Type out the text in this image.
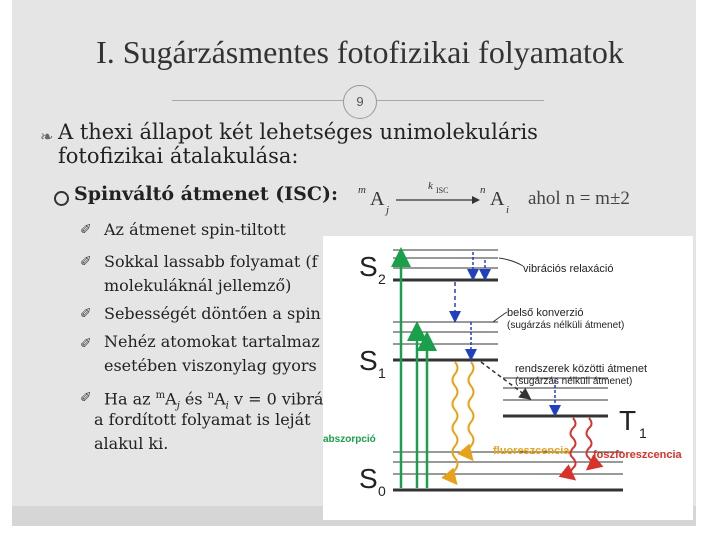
I. Sugárzásmentes fotofizikai folyamatok
9
❧ A thexi állapot két lehetséges unimolekuláris
fotofizikai átalakulása:
Spinváltó átmenet (ISC): m A j
k ISC	n A i
ahol n = m±2
✐ Az átmenet spin-tiltott
✐ Sokkal lassabb folyamat (f
molekuláknál jellemző)
✐ Sebességét döntően a spin
✐ Nehéz atomokat tartalmaz
esetében viszonylag gyors
✐ Ha az $^mA_j$ és $^nA_i$ v = 0 vibrá
a fordított folyamat is leját
alakul ki.
S 2
S 1
T 1
S 0
vibrációs relaxáció
belső konverzió
(sugárzás nélküli átmenet)
rendszerek közötti átmenet
(sugárzás nélküli átmenet)
abszorpció
fluoreszcencia foszforeszcencia
